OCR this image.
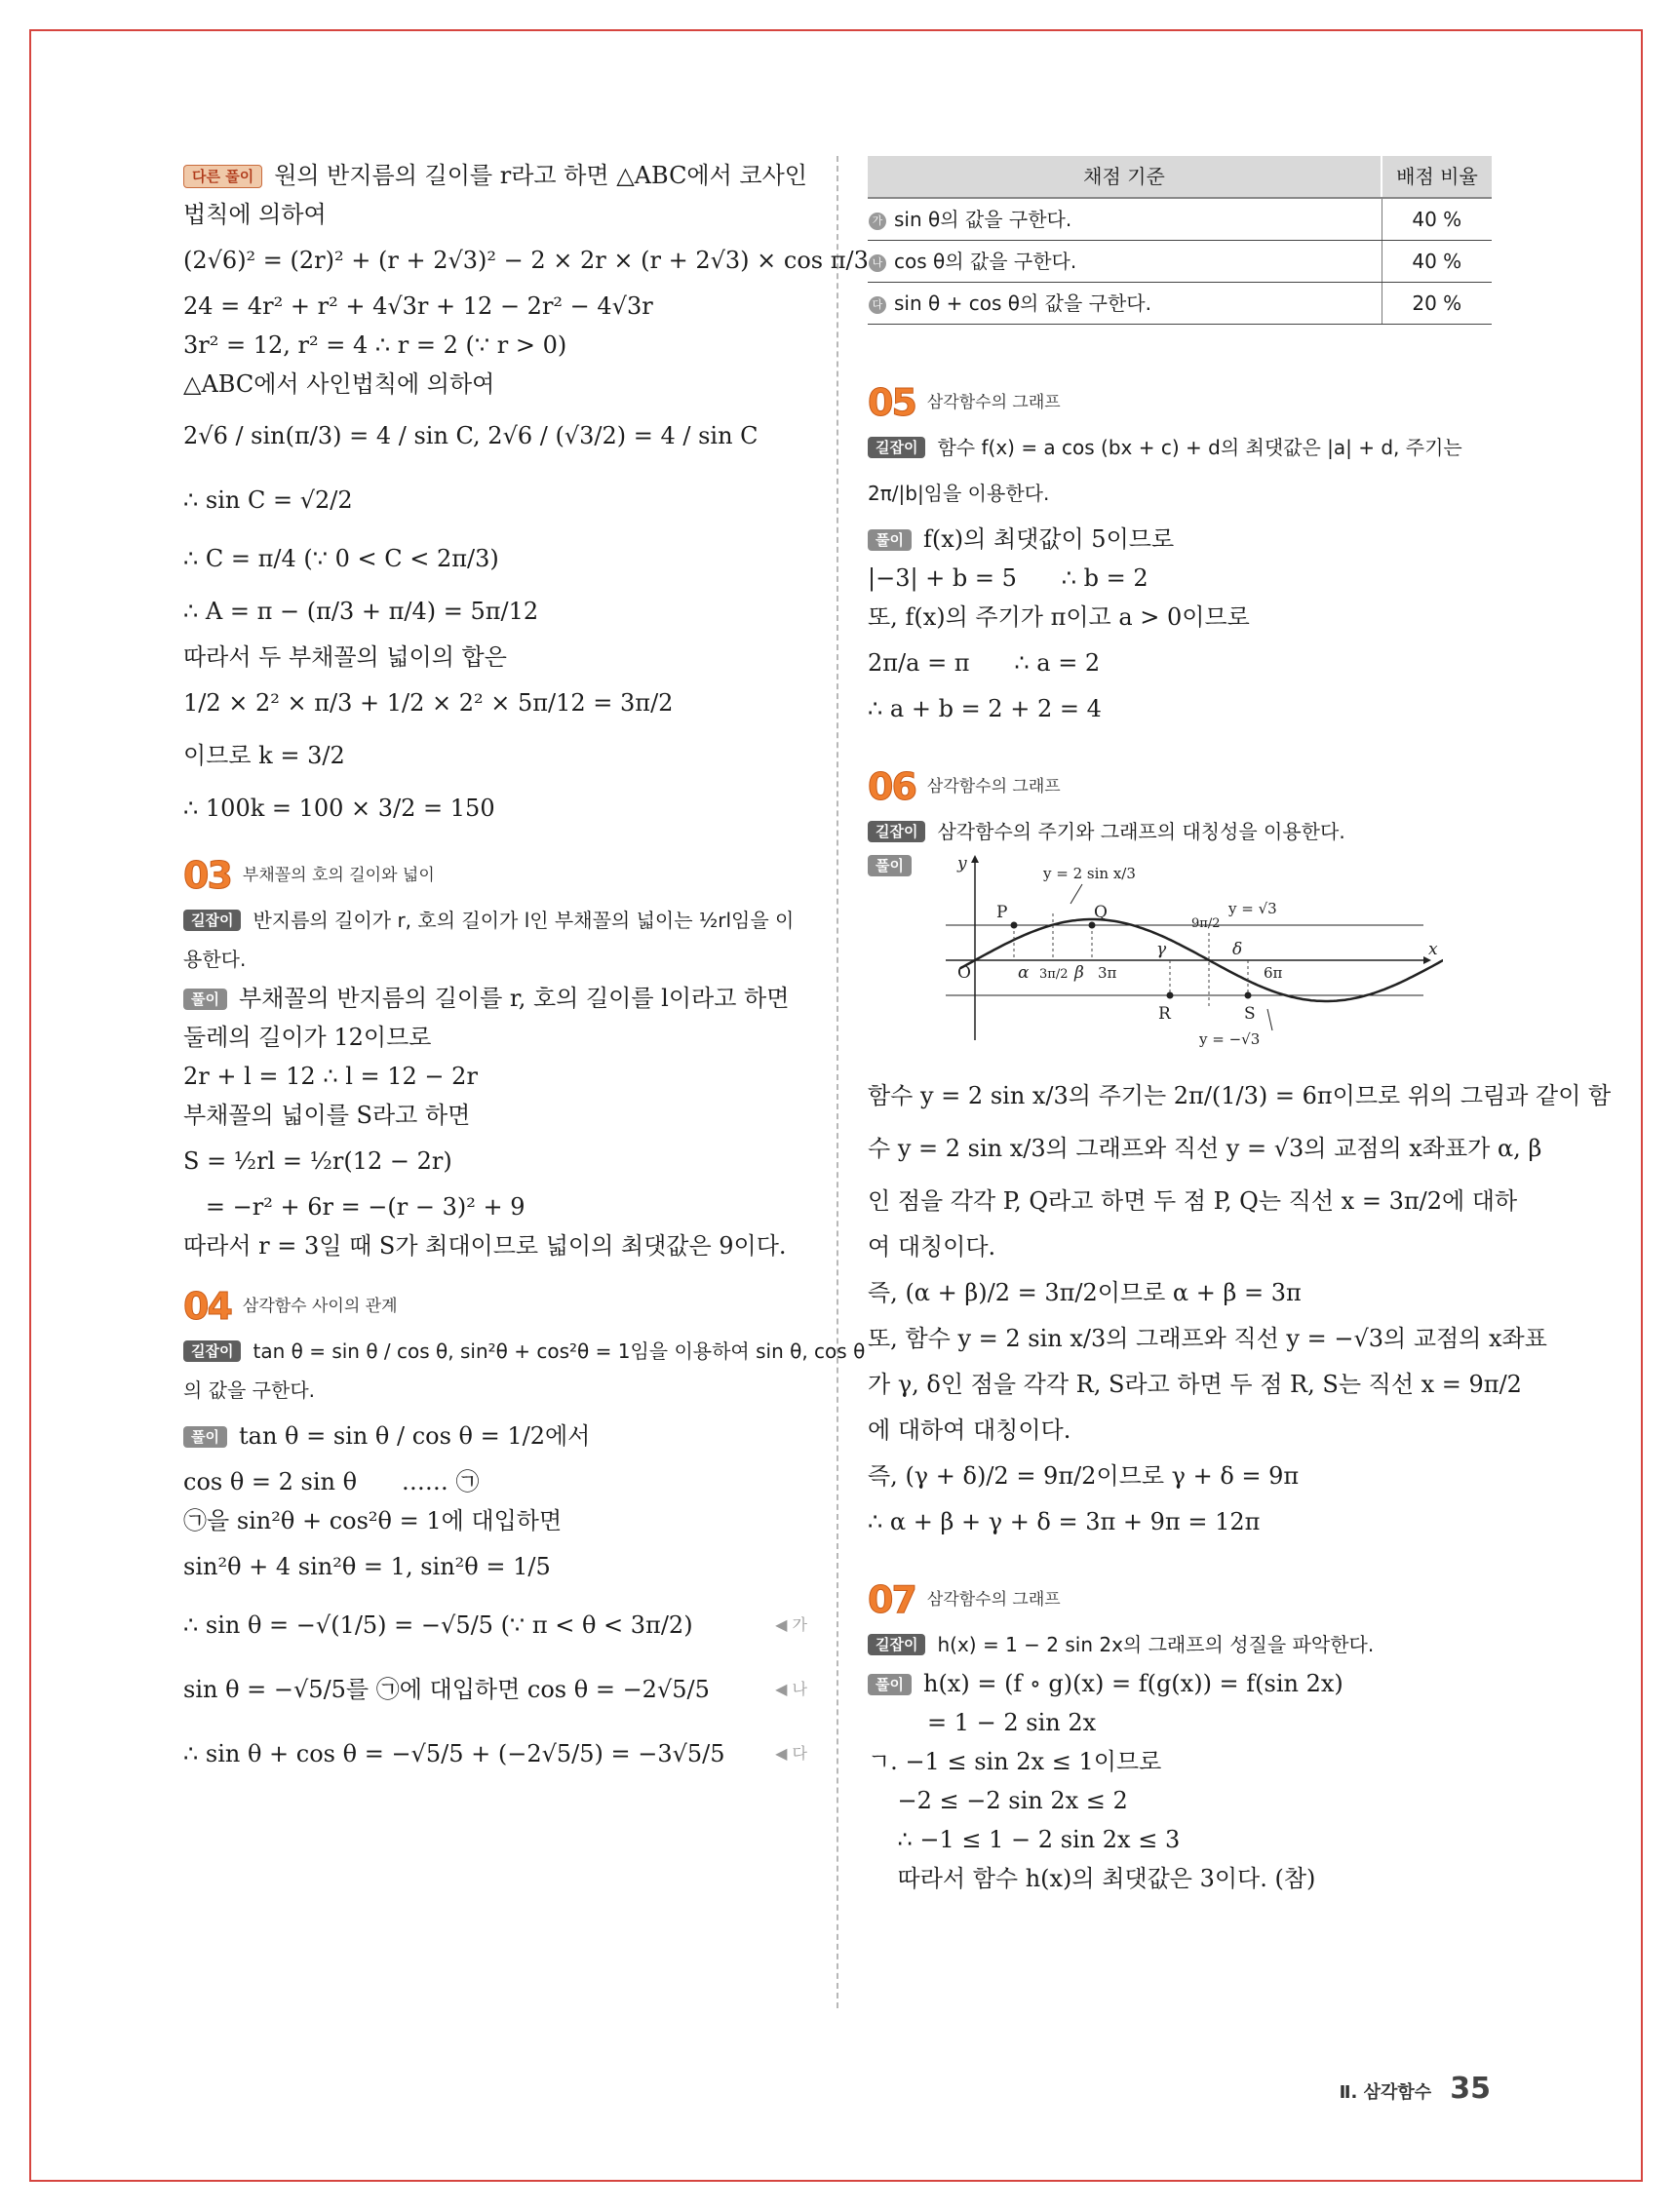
다른 풀이 원의 반지름의 길이를 r라고 하면 △ABC에서 코사인
법칙에 의하여
(2√6)² = (2r)² + (r + 2√3)² − 2 × 2r × (r + 2√3) × cos π/3
24 = 4r² + r² + 4√3r + 12 − 2r² − 4√3r
3r² = 12, r² = 4 ∴ r = 2 (∵ r > 0)
△ABC에서 사인법칙에 의하여
2√6 / sin(π/3) = 4 / sin C, 2√6 / (√3/2) = 4 / sin C
∴ sin C = √2/2
∴ C = π/4 (∵ 0 < C < 2π/3)
∴ A = π − (π/3 + π/4) = 5π/12
따라서 두 부채꼴의 넓이의 합은
1/2 × 2² × π/3 + 1/2 × 2² × 5π/12 = 3π/2
이므로 k = 3/2
∴ 100k = 100 × 3/2 = 150
03 부채꼴의 호의 길이와 넓이
길잡이 반지름의 길이가 r, 호의 길이가 l인 부채꼴의 넓이는 ½rl임을 이
용한다.
풀이 부채꼴의 반지름의 길이를 r, 호의 길이를 l이라고 하면
둘레의 길이가 12이므로
2r + l = 12 ∴ l = 12 − 2r
부채꼴의 넓이를 S라고 하면
S = ½rl = ½r(12 − 2r)
= −r² + 6r = −(r − 3)² + 9
따라서 r = 3일 때 S가 최대이므로 넓이의 최댓값은 9이다.
04 삼각함수 사이의 관계
길잡이 tan θ = sin θ / cos θ, sin²θ + cos²θ = 1임을 이용하여 sin θ, cos θ
의 값을 구한다.
풀이 tan θ = sin θ / cos θ = 1/2에서
cos θ = 2 sin θ      …… ㉠
㉠을 sin²θ + cos²θ = 1에 대입하면
sin²θ + 4 sin²θ = 1, sin²θ = 1/5
∴ sin θ = −√(1/5) = −√5/5 (∵ π < θ < 3π/2)	◀ 가
sin θ = −√5/5를 ㉠에 대입하면 cos θ = −2√5/5	◀ 나
∴ sin θ + cos θ = −√5/5 + (−2√5/5) = −3√5/5	◀ 다
채점 기준	배점 비율
가 sin θ의 값을 구한다.	40 %
나 cos θ의 값을 구한다.	40 %
다 sin θ + cos θ의 값을 구한다.	20 %
05 삼각함수의 그래프
길잡이 함수 f(x) = a cos (bx + c) + d의 최댓값은 |a| + d, 주기는
2π/|b|임을 이용한다.
풀이 f(x)의 최댓값이 5이므로
|−3| + b = 5      ∴ b = 2
또, f(x)의 주기가 π이고 a > 0이므로
2π/a = π      ∴ a = 2
∴ a + b = 2 + 2 = 4
06 삼각함수의 그래프
길잡이 삼각함수의 주기와 그래프의 대칭성을 이용한다.
풀이	y
x
O
P	Q
R	S
α	β
γ	δ
3π/2 3π
9π/2
6π
y = 2 sin x/3
y = √3
y = −√3
함수 y = 2 sin x/3의 주기는 2π/(1/3) = 6π이므로 위의 그림과 같이 함
수 y = 2 sin x/3의 그래프와 직선 y = √3의 교점의 x좌표가 α, β
인 점을 각각 P, Q라고 하면 두 점 P, Q는 직선 x = 3π/2에 대하
여 대칭이다.
즉, (α + β)/2 = 3π/2이므로 α + β = 3π
또, 함수 y = 2 sin x/3의 그래프와 직선 y = −√3의 교점의 x좌표
가 γ, δ인 점을 각각 R, S라고 하면 두 점 R, S는 직선 x = 9π/2
에 대하여 대칭이다.
즉, (γ + δ)/2 = 9π/2이므로 γ + δ = 9π
∴ α + β + γ + δ = 3π + 9π = 12π
07 삼각함수의 그래프
길잡이 h(x) = 1 − 2 sin 2x의 그래프의 성질을 파악한다.
풀이 h(x) = (f ∘ g)(x) = f(g(x)) = f(sin 2x)
= 1 − 2 sin 2x
ㄱ. −1 ≤ sin 2x ≤ 1이므로
−2 ≤ −2 sin 2x ≤ 2
∴ −1 ≤ 1 − 2 sin 2x ≤ 3
따라서 함수 h(x)의 최댓값은 3이다. (참)
Ⅱ. 삼각함수 35
